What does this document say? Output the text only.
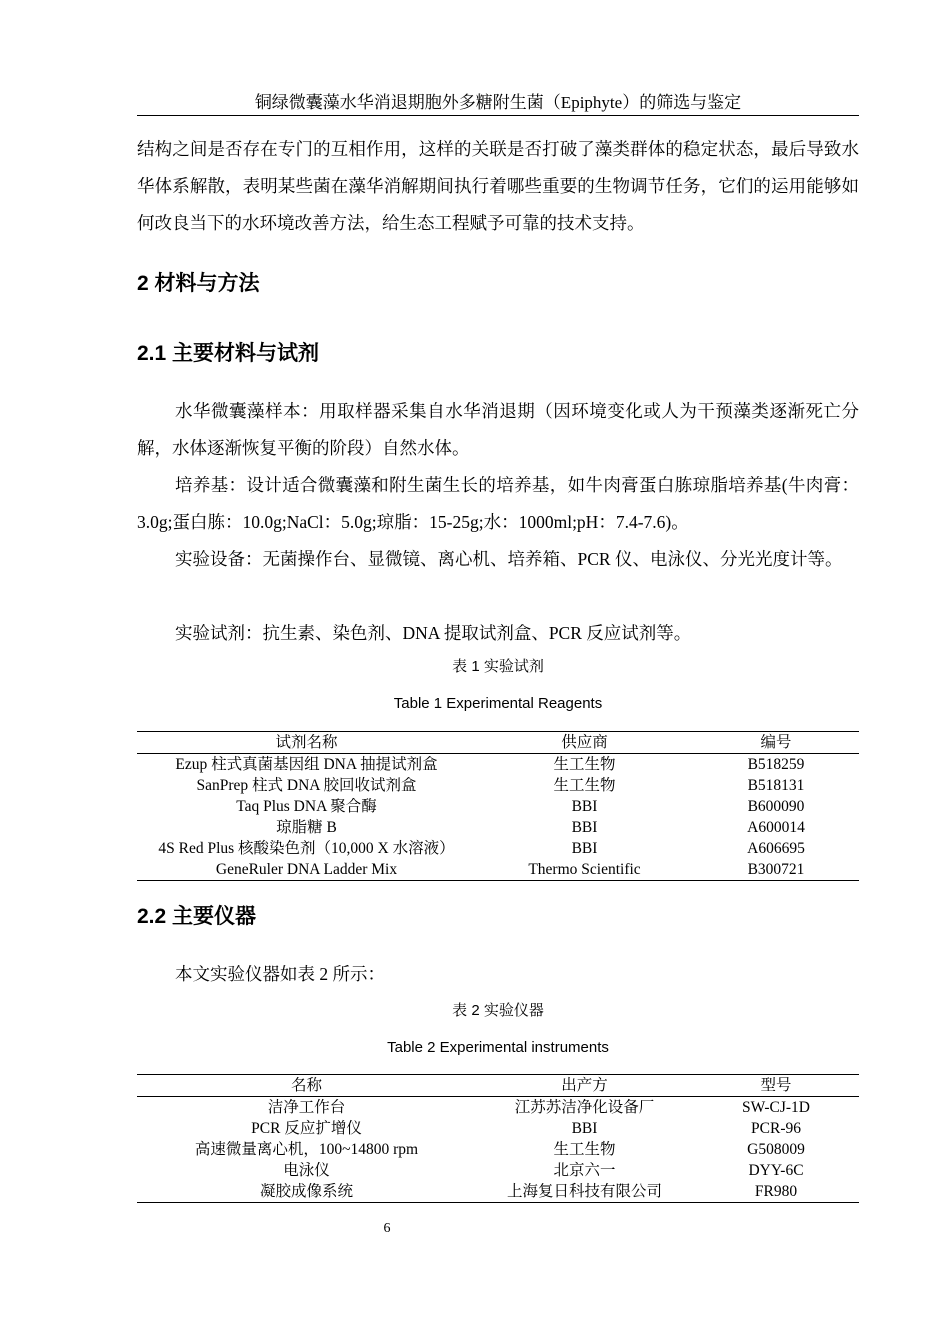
铜绿微囊藻水华消退期胞外多糖附生菌（Epiphyte）的筛选与鉴定
结构之间是否存在专门的互相作用，这样的关联是否打破了藻类群体的稳定状态，最后导致水华体系解散，表明某些菌在藻华消解期间执行着哪些重要的生物调节任务，它们的运用能够如何改良当下的水环境改善方法，给生态工程赋予可靠的技术支持。
2 材料与方法
2.1 主要材料与试剂
水华微囊藻样本：用取样器采集自水华消退期（因环境变化或人为干预藻类逐渐死亡分解，水体逐渐恢复平衡的阶段）自然水体。
培养基：设计适合微囊藻和附生菌生长的培养基，如牛肉膏蛋白胨琼脂培养基(牛肉膏：3.0g;蛋白胨：10.0g;NaCl：5.0g;琼脂：15-25g;水：1000ml;pH：7.4-7.6)。
实验设备：无菌操作台、显微镜、离心机、培养箱、PCR 仪、电泳仪、分光光度计等。
实验试剂：抗生素、染色剂、DNA 提取试剂盒、PCR 反应试剂等。
表 1 实验试剂
Table 1 Experimental Reagents
试剂名称	供应商	编号
Ezup 柱式真菌基因组 DNA 抽提试剂盒	生工生物	B518259
SanPrep 柱式 DNA 胶回收试剂盒	生工生物	B518131
Taq Plus DNA 聚合酶	BBI	B600090
琼脂糖 B	BBI	A600014
4S Red Plus 核酸染色剂（10,000 X 水溶液）	BBI	A606695
GeneRuler DNA Ladder Mix	Thermo Scientific	B300721
2.2 主要仪器
本文实验仪器如表 2 所示：
表 2 实验仪器
Table 2 Experimental instruments
名称	出产方	型号
洁净工作台	江苏苏洁净化设备厂	SW-CJ-1D
PCR 反应扩增仪	BBI	PCR-96
高速微量离心机，100~14800 rpm	生工生物	G508009
电泳仪	北京六一	DYY-6C
凝胶成像系统	上海复日科技有限公司	FR980
6
